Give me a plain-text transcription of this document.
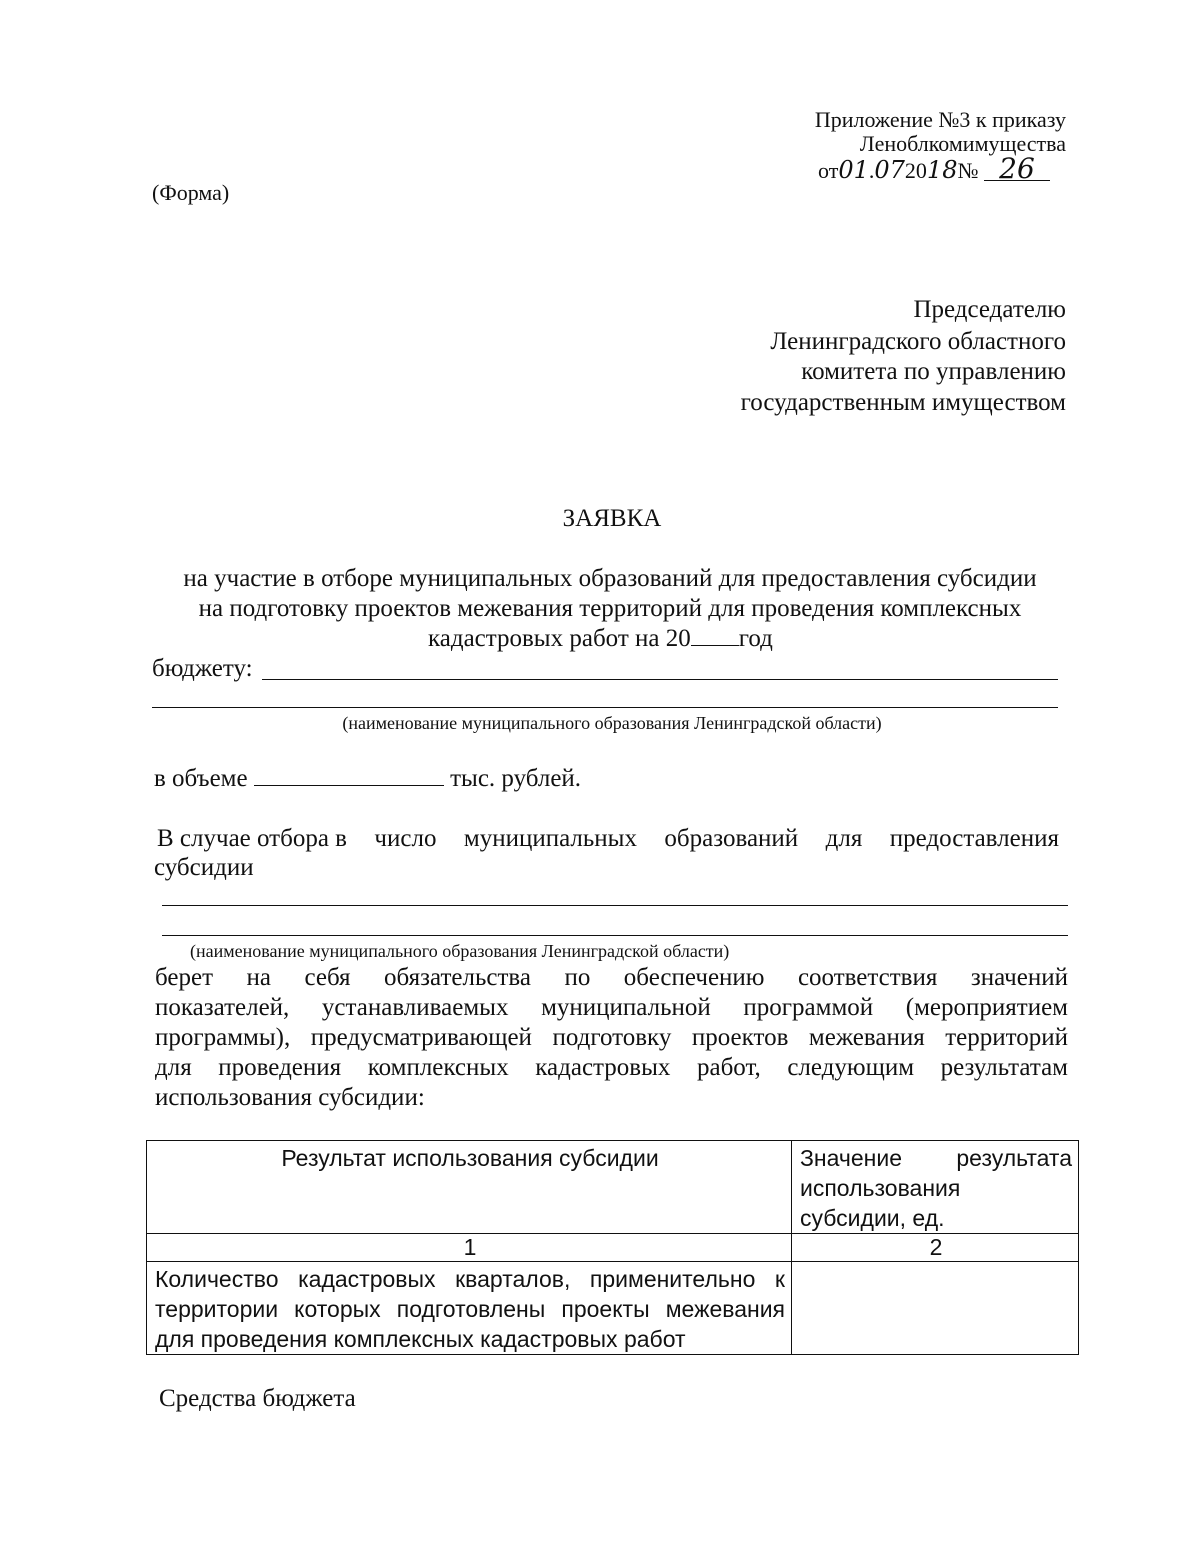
Приложение №3 к приказу
Леноблкомимущества
от01.072018№ 26
(Форма)
Председателю
Ленинградского областного
комитета по управлению
государственным имуществом
ЗАЯВКА
на участие в отборе муниципальных образований для предоставления субсидии
на подготовку проектов межевания территорий для проведения комплексных
кадастровых работ на 20 год
бюджету:
(наименование муниципального образования Ленинградской области)
в объеме	тыс. рублей.
В случае отбора в число муниципальных образований для предоставления
субсидии
(наименование муниципального образования Ленинградской области)
берет на себя обязательства по обеспечению соответствия значений
показателей, устанавливаемых муниципальной программой (мероприятием
программы), предусматривающей подготовку проектов межевания территорий
для проведения комплексных кадастровых работ, следующим результатам
использования субсидии:
Результат использования субсидии	Значение результата
использования
субсидии, ед.

1	2

Количество кадастровых кварталов, применительно к
территории которых подготовлены проекты межевания
для проведения комплексных кадастровых работ	

Средства бюджета
